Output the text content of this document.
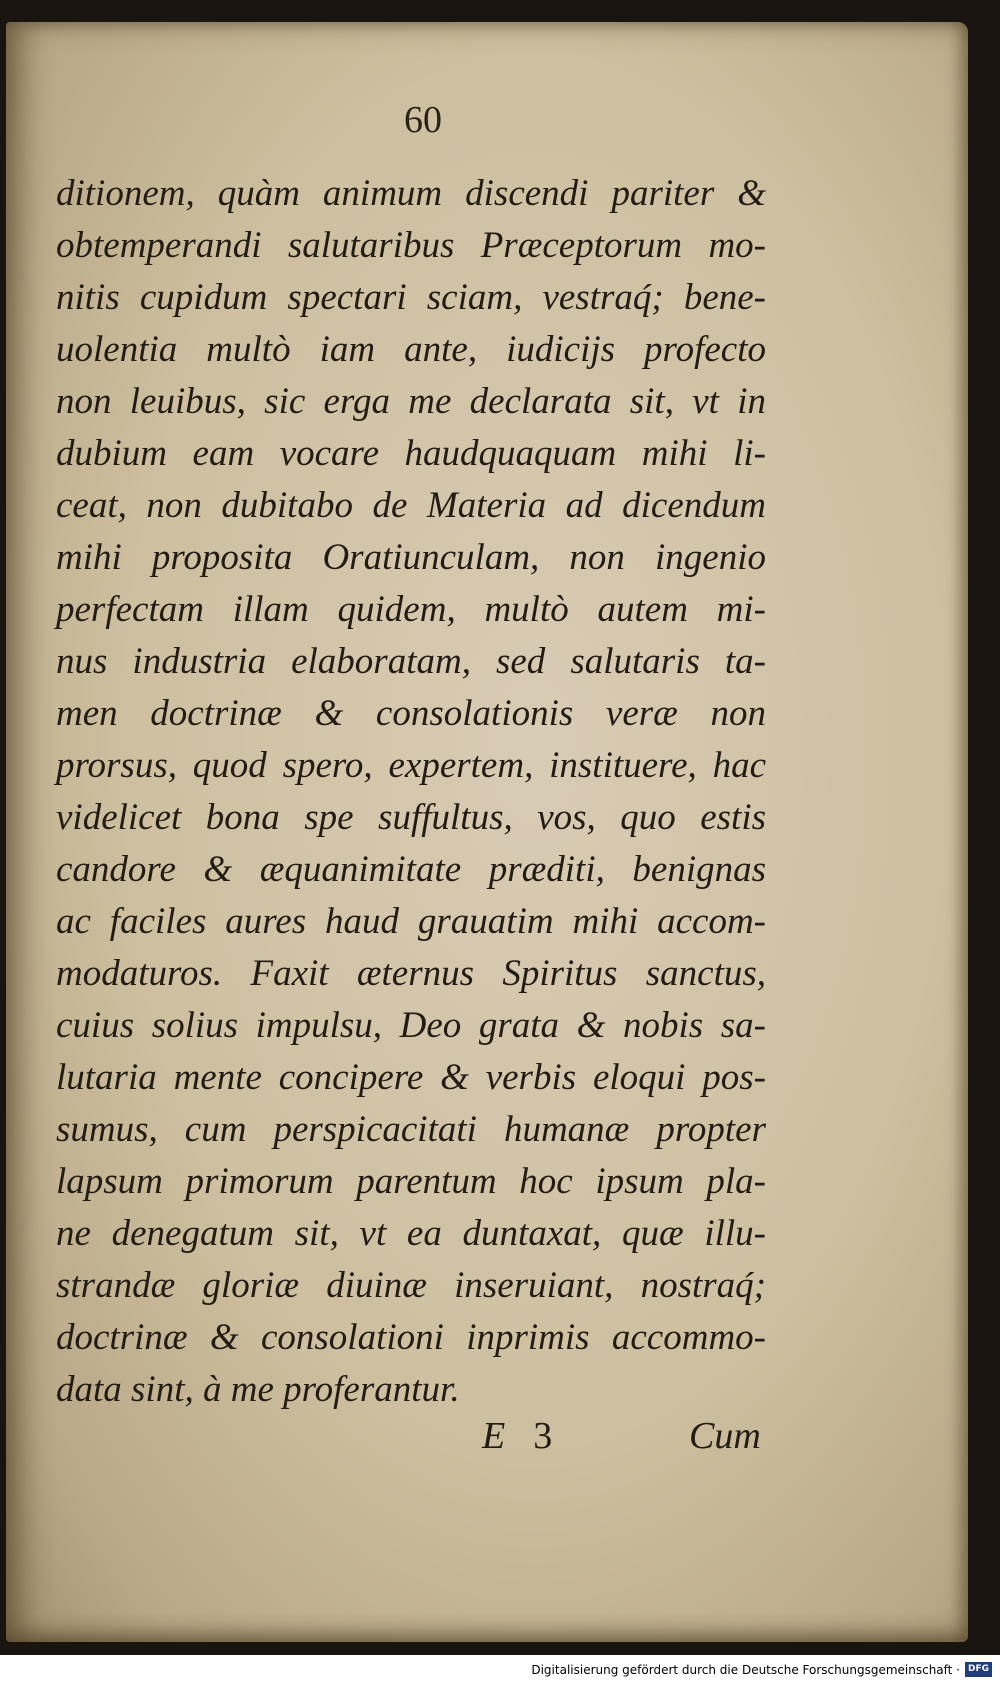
60
ditionem, quàm animum discendi pariter &
obtemperandi salutaribus Præceptorum mo-
nitis cupidum spectari sciam, vestraq́; bene-
uolentia multò iam ante, iudicijs profecto
non leuibus, sic erga me declarata sit, vt in
dubium eam vocare haudquaquam mihi li-
ceat, non dubitabo de Materia ad dicendum
mihi proposita Oratiunculam, non ingenio
perfectam illam quidem, multò autem mi-
nus industria elaboratam, sed salutaris ta-
men doctrinæ & consolationis veræ non
prorsus, quod spero, expertem, instituere, hac
videlicet bona spe suffultus, vos, quo estis
candore & æquanimitate præditi, benignas
ac faciles aures haud grauatim mihi accom-
modaturos. Faxit æternus Spiritus sanctus,
cuius solius impulsu, Deo grata & nobis sa-
lutaria mente concipere & verbis eloqui pos-
sumus, cum perspicacitati humanæ propter
lapsum primorum parentum hoc ipsum pla-
ne denegatum sit, vt ea duntaxat, quæ illu-
strandæ gloriæ diuinæ inseruiant, nostraq́;
doctrinæ & consolationi inprimis accommo-
data sint, à me proferantur.
E 3	Cum
Digitalisierung gefördert durch die Deutsche Forschungsgemeinschaft · DFG
